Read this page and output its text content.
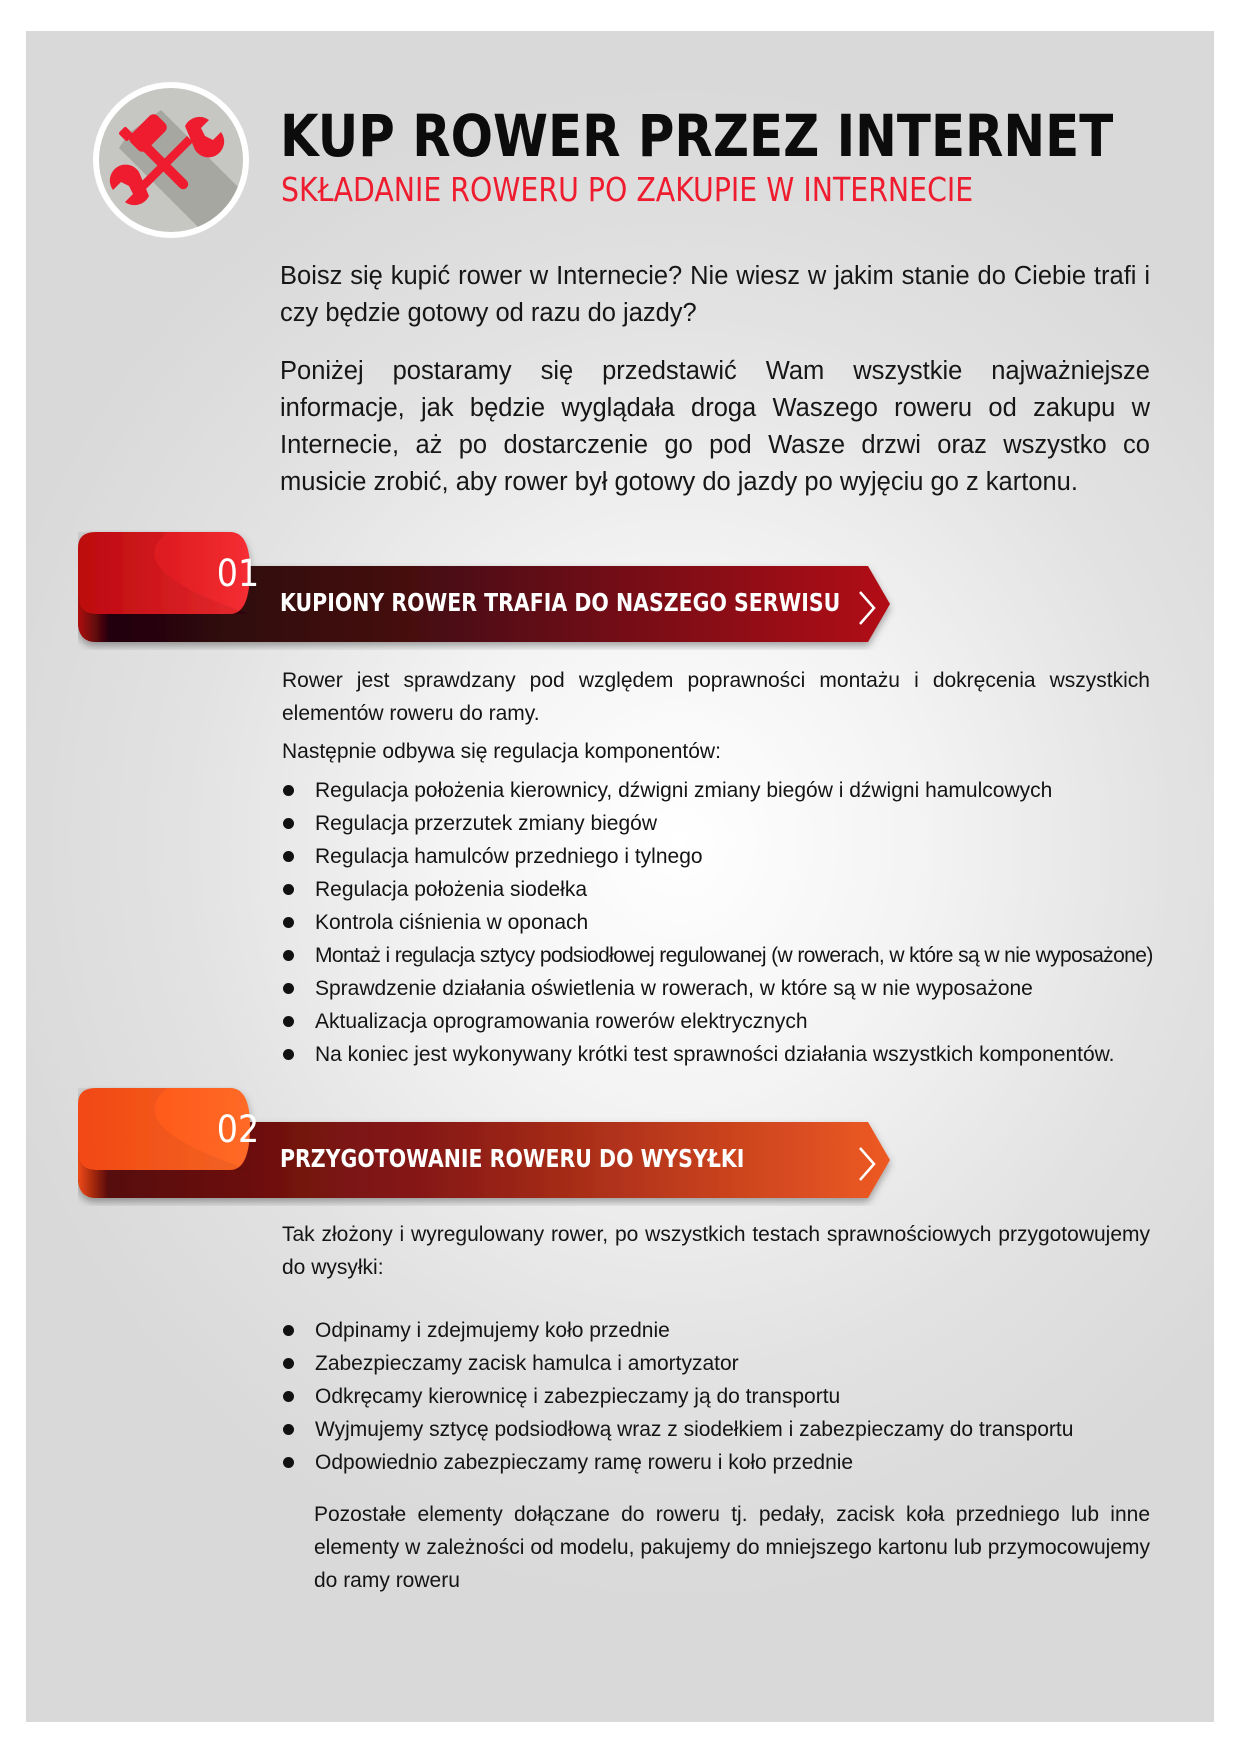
KUP ROWER PRZEZ INTERNET
SKŁADANIE ROWERU PO ZAKUPIE W INTERNECIE
Boisz się kupić rower w Internecie? Nie wiesz w jakim stanie do Ciebie trafi i czy będzie gotowy od razu do jazdy?
Poniżej postaramy się przedstawić Wam wszystkie najważniejsze informacje, jak będzie wyglądała droga Waszego roweru od zakupu w Internecie, aż po dostarczenie go pod Wasze drzwi oraz wszystko co musicie zrobić, aby rower był gotowy do jazdy po wyjęciu go z kartonu.
01
KUPIONY ROWER TRAFIA DO NASZEGO SERWISU

Rower jest sprawdzany pod względem poprawności montażu i dokręcenia wszystkich elementów roweru do ramy.

Następnie odbywa się regulacja komponentów:

Regulacja położenia kierownicy, dźwigni zmiany biegów i dźwigni hamulcowych
Regulacja przerzutek zmiany biegów
Regulacja hamulców przedniego i tylnego
Regulacja położenia siodełka
Kontrola ciśnienia w oponach
Montaż i regulacja sztycy podsiodłowej regulowanej (w rowerach, w które są w nie wyposażone)
Sprawdzenie działania oświetlenia w rowerach, w które są w nie wyposażone
Aktualizacja oprogramowania rowerów elektrycznych
Na koniec jest wykonywany krótki test sprawności działania wszystkich komponentów.
02
PRZYGOTOWANIE ROWERU DO WYSYŁKI

Tak złożony i wyregulowany rower, po wszystkich testach sprawnościowych przygotowujemy do wysyłki:

Odpinamy i zdejmujemy koło przednie
Zabezpieczamy zacisk hamulca i amortyzator
Odkręcamy kierownicę i zabezpieczamy ją do transportu
Wyjmujemy sztycę podsiodłową wraz z siodełkiem i zabezpieczamy do transportu
Odpowiednio zabezpieczamy ramę roweru i koło przednie

Pozostałe elementy dołączane do roweru tj. pedały, zacisk koła przedniego lub inne elementy w zależności od modelu, pakujemy do mniejszego kartonu lub przymocowujemy do ramy roweru
